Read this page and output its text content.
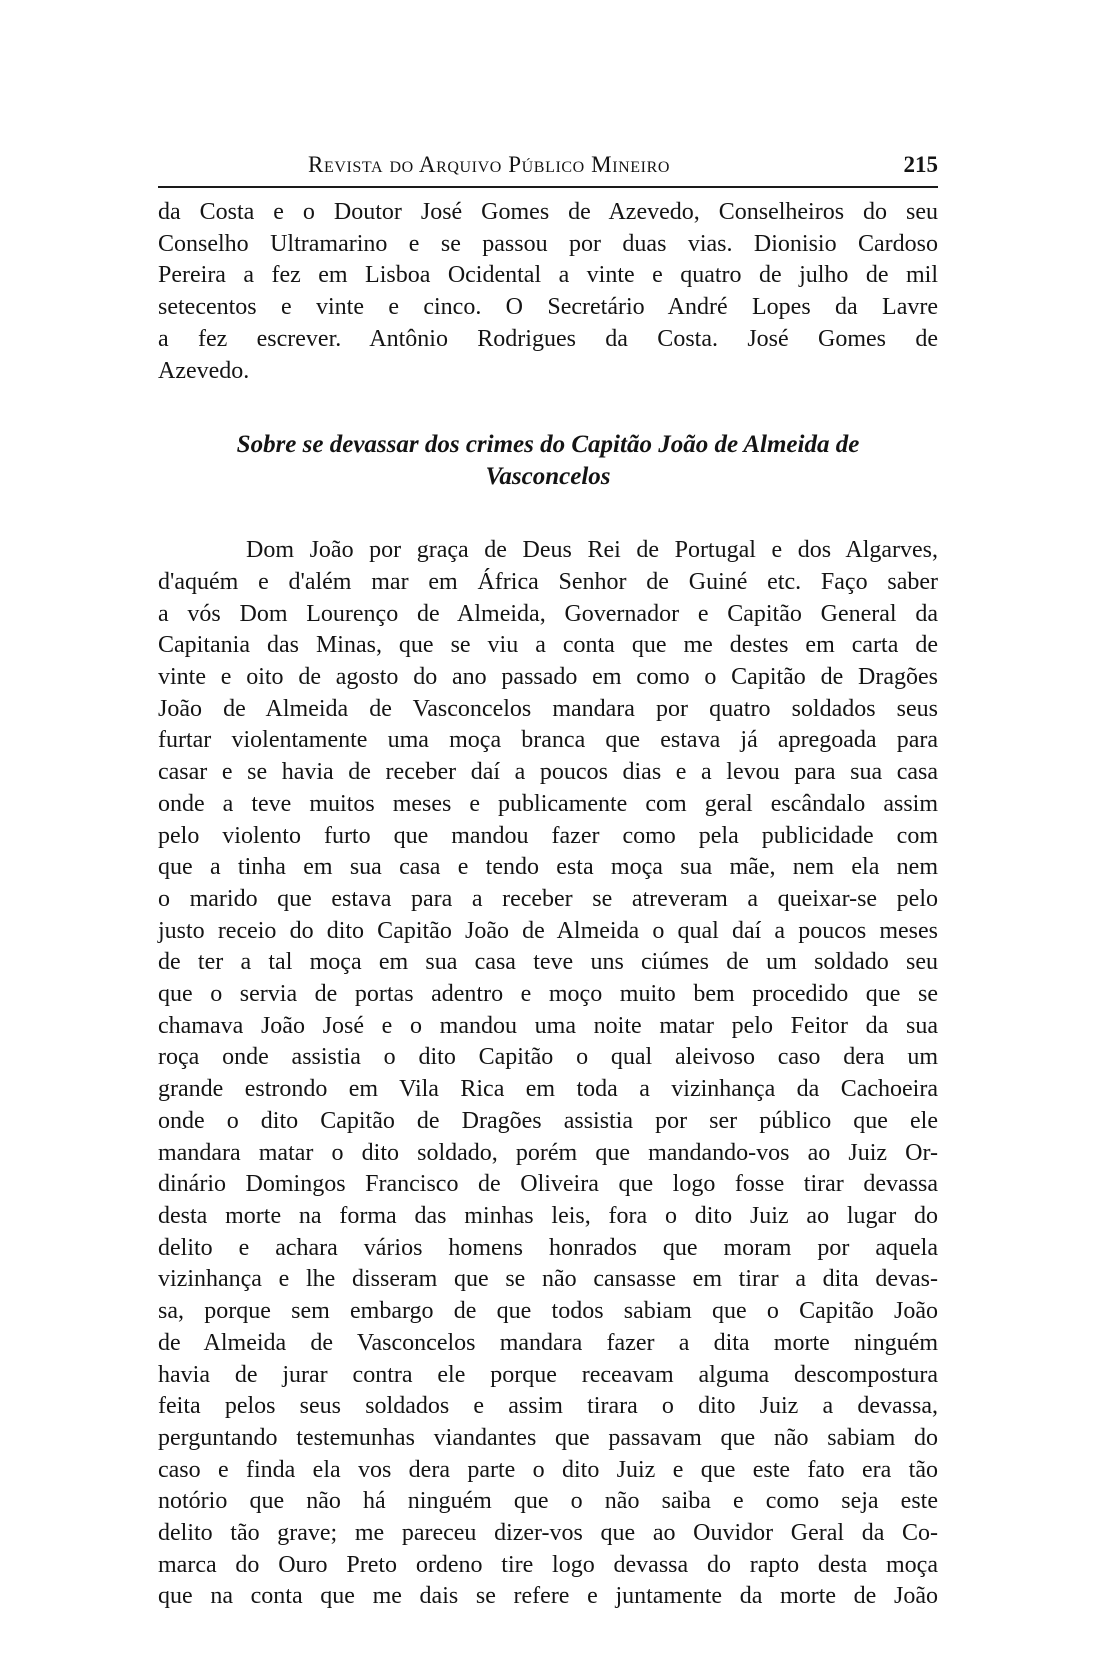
Revista do Arquivo Público Mineiro	215
da Costa e o Doutor José Gomes de Azevedo, Conselheiros do seu
Conselho Ultramarino e se passou por duas vias. Dionisio Cardoso
Pereira a fez em Lisboa Ocidental a vinte e quatro de julho de mil
setecentos e vinte e cinco. O Secretário André Lopes da Lavre
a fez escrever. Antônio Rodrigues da Costa. José Gomes de
Azevedo.
Sobre se devassar dos crimes do Capitão João de Almeida de
Vasconcelos
Dom João por graça de Deus Rei de Portugal e dos Algarves,
d'aquém e d'além mar em África Senhor de Guiné etc. Faço saber
a vós Dom Lourenço de Almeida, Governador e Capitão General da
Capitania das Minas, que se viu a conta que me destes em carta de
vinte e oito de agosto do ano passado em como o Capitão de Dragões
João de Almeida de Vasconcelos mandara por quatro soldados seus
furtar violentamente uma moça branca que estava já apregoada para
casar e se havia de receber daí a poucos dias e a levou para sua casa
onde a teve muitos meses e publicamente com geral escândalo assim
pelo violento furto que mandou fazer como pela publicidade com
que a tinha em sua casa e tendo esta moça sua mãe, nem ela nem
o marido que estava para a receber se atreveram a queixar-se pelo
justo receio do dito Capitão João de Almeida o qual daí a poucos meses
de ter a tal moça em sua casa teve uns ciúmes de um soldado seu
que o servia de portas adentro e moço muito bem procedido que se
chamava João José e o mandou uma noite matar pelo Feitor da sua
roça onde assistia o dito Capitão o qual aleivoso caso dera um
grande estrondo em Vila Rica em toda a vizinhança da Cachoeira
onde o dito Capitão de Dragões assistia por ser público que ele
mandara matar o dito soldado, porém que mandando-vos ao Juiz Or-
dinário Domingos Francisco de Oliveira que logo fosse tirar devassa
desta morte na forma das minhas leis, fora o dito Juiz ao lugar do
delito e achara vários homens honrados que moram por aquela
vizinhança e lhe disseram que se não cansasse em tirar a dita devas-
sa, porque sem embargo de que todos sabiam que o Capitão João
de Almeida de Vasconcelos mandara fazer a dita morte ninguém
havia de jurar contra ele porque receavam alguma descompostura
feita pelos seus soldados e assim tirara o dito Juiz a devassa,
perguntando testemunhas viandantes que passavam que não sabiam do
caso e finda ela vos dera parte o dito Juiz e que este fato era tão
notório que não há ninguém que o não saiba e como seja este
delito tão grave; me pareceu dizer-vos que ao Ouvidor Geral da Co-
marca do Ouro Preto ordeno tire logo devassa do rapto desta moça
que na conta que me dais se refere e juntamente da morte de João
